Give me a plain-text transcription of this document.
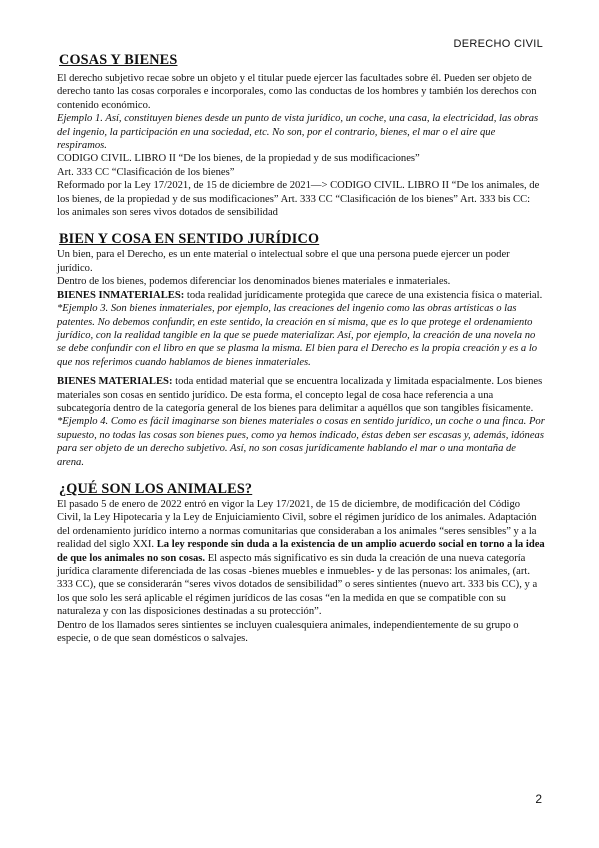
DERECHO CIVIL
COSAS Y BIENES

El derecho subjetivo recae sobre un objeto y el titular puede ejercer las facultades sobre él. Pueden ser objeto de derecho tanto las cosas corporales e incorporales, como las conductas de los hombres y también los derechos con contenido económico.

Ejemplo 1. Así, constituyen bienes desde un punto de vista jurídico, un coche, una casa, la electricidad, las obras del ingenio, la participación en una sociedad, etc. No son, por el contrario, bienes, el mar o el aire que respiramos.

CODIGO CIVIL. LIBRO II “De los bienes, de la propiedad y de sus modificaciones”

Art. 333 CC “Clasificación de los bienes”

Reformado por la Ley 17/2021, de 15 de diciembre de 2021—> CODIGO CIVIL. LIBRO II “De los animales, de los bienes, de la propiedad y de sus modificaciones” Art. 333 CC “Clasificación de los bienes” Art. 333 bis CC: los animales son seres vivos dotados de sensibilidad

BIEN Y COSA EN SENTIDO JURÍDICO

Un bien, para el Derecho, es un ente material o intelectual sobre el que una persona puede ejercer un poder jurídico.

Dentro de los bienes, podemos diferenciar los denominados bienes materiales e inmateriales.

BIENES INMATERIALES: toda realidad jurídicamente protegida que carece de una existencia física o material.

*Ejemplo 3. Son bienes inmateriales, por ejemplo, las creaciones del ingenio como las obras artísticas o las patentes. No debemos confundir, en este sentido, la creación en sí misma, que es lo que protege el ordenamiento jurídico, con la realidad tangible en la que se puede materializar. Así, por ejemplo, la creación de una novela no se debe confundir con el libro en que se plasma la misma. El bien para el Derecho es la propia creación y es a lo que nos referimos cuando hablamos de bienes inmateriales.

BIENES MATERIALES: toda entidad material que se encuentra localizada y limitada espacialmente. Los bienes materiales son cosas en sentido jurídico. De esta forma, el concepto legal de cosa hace referencia a una subcategoría dentro de la categoría general de los bienes para delimitar a aquéllos que son tangibles físicamente.

*Ejemplo 4. Como es fácil imaginarse son bienes materiales o cosas en sentido jurídico, un coche o una finca. Por supuesto, no todas las cosas son bienes pues, como ya hemos indicado, éstas deben ser escasas y, además, idóneas para ser objeto de un derecho subjetivo. Así, no son cosas jurídicamente hablando el mar o una montaña de arena.

¿QUÉ SON LOS ANIMALES?

El pasado 5 de enero de 2022 entró en vigor la Ley 17/2021, de 15 de diciembre, de modificación del Código Civil, la Ley Hipotecaria y la Ley de Enjuiciamiento Civil, sobre el régimen jurídico de los animales. Adaptación del ordenamiento jurídico interno a normas comunitarias que consideraban a los animales “seres sensibles” y a la realidad del siglo XXI. La ley responde sin duda a la existencia de un amplio acuerdo social en torno a la idea de que los animales no son cosas. El aspecto más significativo es sin duda la creación de una nueva categoría jurídica claramente diferenciada de las cosas -bienes muebles e inmuebles- y de las personas: los animales, (art. 333 CC), que se considerarán “seres vivos dotados de sensibilidad” o seres sintientes (nuevo art. 333 bis CC), y a los que solo les será aplicable el régimen jurídicos de las cosas “en la medida en que se compatible con su naturaleza y con las disposiciones destinadas a su protección”.

Dentro de los llamados seres sintientes se incluyen cualesquiera animales, independientemente de su grupo o especie, o de que sean domésticos o salvajes.

2
